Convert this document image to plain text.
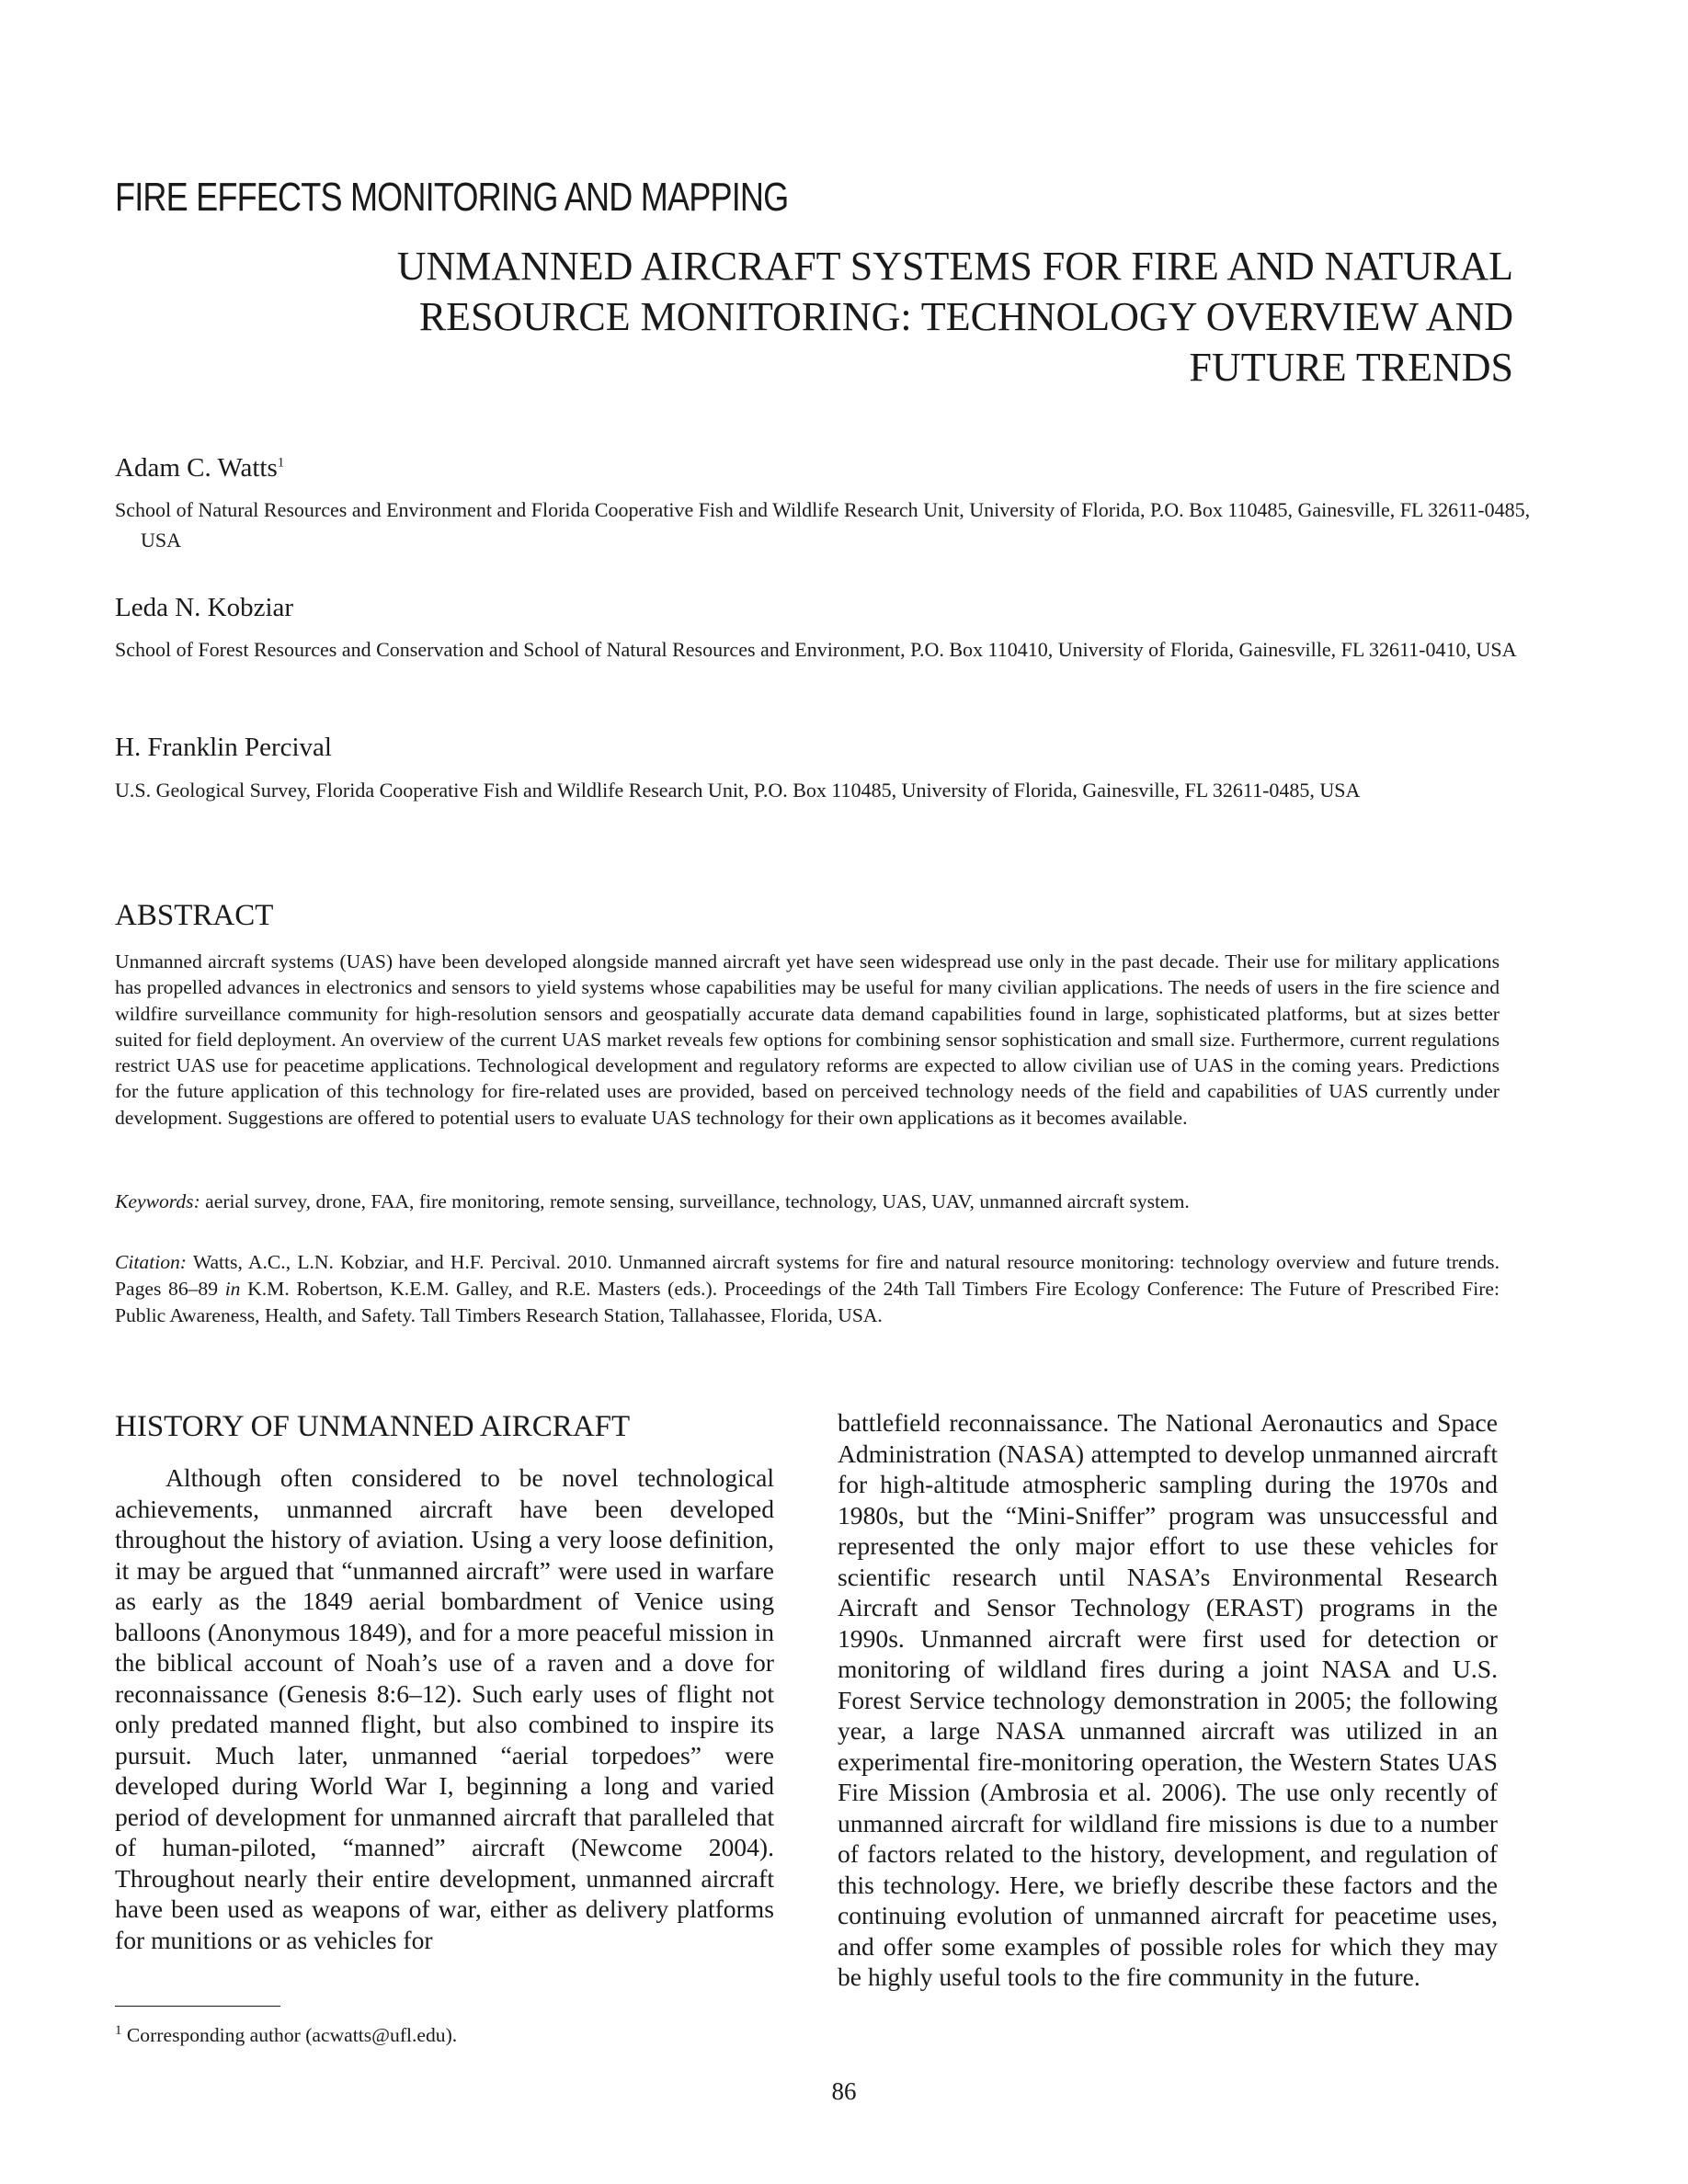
FIRE EFFECTS MONITORING AND MAPPING
UNMANNED AIRCRAFT SYSTEMS FOR FIRE AND NATURAL
RESOURCE MONITORING: TECHNOLOGY OVERVIEW AND
FUTURE TRENDS
Adam C. Watts$^1$
School of Natural Resources and Environment and Florida Cooperative Fish and Wildlife Research Unit, University of Florida, P.O. Box 110485, Gainesville, FL 32611-0485, USA
Leda N. Kobziar
School of Forest Resources and Conservation and School of Natural Resources and Environment, P.O. Box 110410, University of Florida, Gainesville, FL 32611-0410, USA
H. Franklin Percival
U.S. Geological Survey, Florida Cooperative Fish and Wildlife Research Unit, P.O. Box 110485, University of Florida, Gainesville, FL 32611-0485, USA
ABSTRACT
Unmanned aircraft systems (UAS) have been developed alongside manned aircraft yet have seen widespread use only in the past decade. Their use for military applications has propelled advances in electronics and sensors to yield systems whose capabilities may be useful for many civilian applications. The needs of users in the fire science and wildfire surveillance community for high-resolution sensors and geospatially accurate data demand capabilities found in large, sophisticated platforms, but at sizes better suited for field deployment. An overview of the current UAS market reveals few options for combining sensor sophistication and small size. Furthermore, current regulations restrict UAS use for peacetime applications. Technological development and regulatory reforms are expected to allow civilian use of UAS in the coming years. Predictions for the future application of this technology for fire-related uses are provided, based on perceived technology needs of the field and capabilities of UAS currently under development. Suggestions are offered to potential users to evaluate UAS technology for their own applications as it becomes available.
Keywords: aerial survey, drone, FAA, fire monitoring, remote sensing, surveillance, technology, UAS, UAV, unmanned aircraft system.
Citation: Watts, A.C., L.N. Kobziar, and H.F. Percival. 2010. Unmanned aircraft systems for fire and natural resource monitoring: technology overview and future trends. Pages 86–89 in K.M. Robertson, K.E.M. Galley, and R.E. Masters (eds.). Proceedings of the 24th Tall Timbers Fire Ecology Conference: The Future of Prescribed Fire: Public Awareness, Health, and Safety. Tall Timbers Research Station, Tallahassee, Florida, USA.
HISTORY OF UNMANNED AIRCRAFT
Although often considered to be novel technological achievements, unmanned aircraft have been developed throughout the history of aviation. Using a very loose definition, it may be argued that “unmanned aircraft” were used in warfare as early as the 1849 aerial bombardment of Venice using balloons (Anonymous 1849), and for a more peaceful mission in the biblical account of Noah’s use of a raven and a dove for reconnaissance (Genesis 8:6–12). Such early uses of flight not only predated manned flight, but also combined to inspire its pursuit. Much later, unmanned “aerial torpedoes” were developed during World War I, beginning a long and varied period of development for unmanned aircraft that paralleled that of human-piloted, “manned” aircraft (Newcome 2004). Throughout nearly their entire development, unmanned aircraft have been used as weapons of war, either as delivery platforms for munitions or as vehicles for
battlefield reconnaissance. The National Aeronautics and Space Administration (NASA) attempted to develop unmanned aircraft for high-altitude atmospheric sampling during the 1970s and 1980s, but the “Mini-Sniffer” program was unsuccessful and represented the only major effort to use these vehicles for scientific research until NASA’s Environmental Research Aircraft and Sensor Technology (ERAST) programs in the 1990s. Unmanned aircraft were first used for detection or monitoring of wildland fires during a joint NASA and U.S. Forest Service technology demonstration in 2005; the following year, a large NASA unmanned aircraft was utilized in an experimental fire-monitoring operation, the Western States UAS Fire Mission (Ambrosia et al. 2006). The use only recently of unmanned aircraft for wildland fire missions is due to a number of factors related to the history, development, and regulation of this technology. Here, we briefly describe these factors and the continuing evolution of unmanned aircraft for peacetime uses, and offer some examples of possible roles for which they may be highly useful tools to the fire community in the future.
$^1$ Corresponding author (acwatts@ufl.edu).
86
